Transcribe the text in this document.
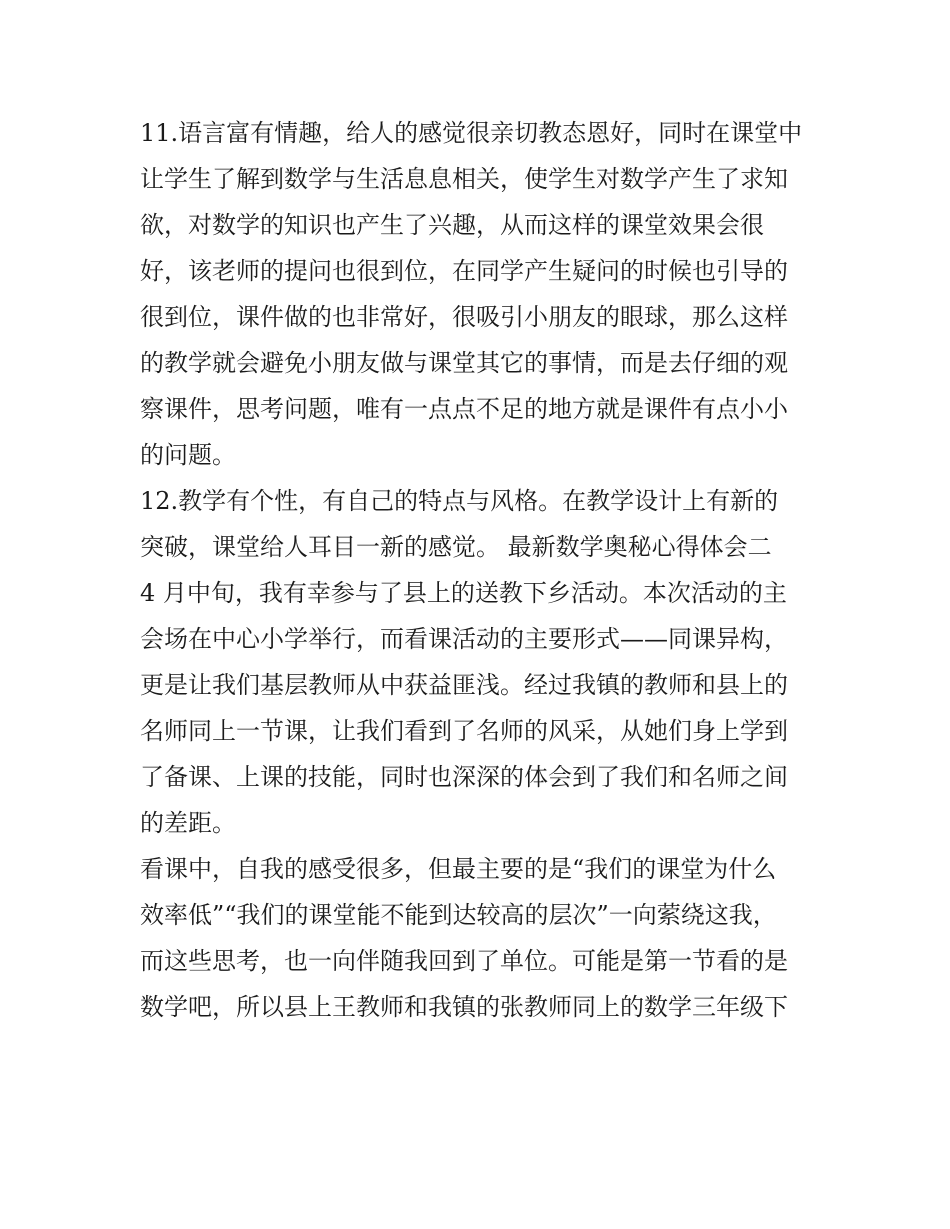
11.语言富有情趣，给人的感觉很亲切教态恩好，同时在课堂中
让学生了解到数学与生活息息相关，使学生对数学产生了求知
欲，对数学的知识也产生了兴趣，从而这样的课堂效果会很
好，该老师的提问也很到位，在同学产生疑问的时候也引导的
很到位，课件做的也非常好，很吸引小朋友的眼球，那么这样
的教学就会避免小朋友做与课堂其它的事情，而是去仔细的观
察课件，思考问题，唯有一点点不足的地方就是课件有点小小
的问题。
12.教学有个性，有自己的特点与风格。在教学设计上有新的
突破，课堂给人耳目一新的感觉。 最新数学奥秘心得体会二
4 月中旬，我有幸参与了县上的送教下乡活动。本次活动的主
会场在中心小学举行，而看课活动的主要形式——同课异构，
更是让我们基层教师从中获益匪浅。经过我镇的教师和县上的
名师同上一节课，让我们看到了名师的风采，从她们身上学到
了备课、上课的技能，同时也深深的体会到了我们和名师之间
的差距。
看课中，自我的感受很多，但最主要的是“我们的课堂为什么
效率低”“我们的课堂能不能到达较高的层次”一向萦绕这我，
而这些思考，也一向伴随我回到了单位。可能是第一节看的是
数学吧，所以县上王教师和我镇的张教师同上的数学三年级下
